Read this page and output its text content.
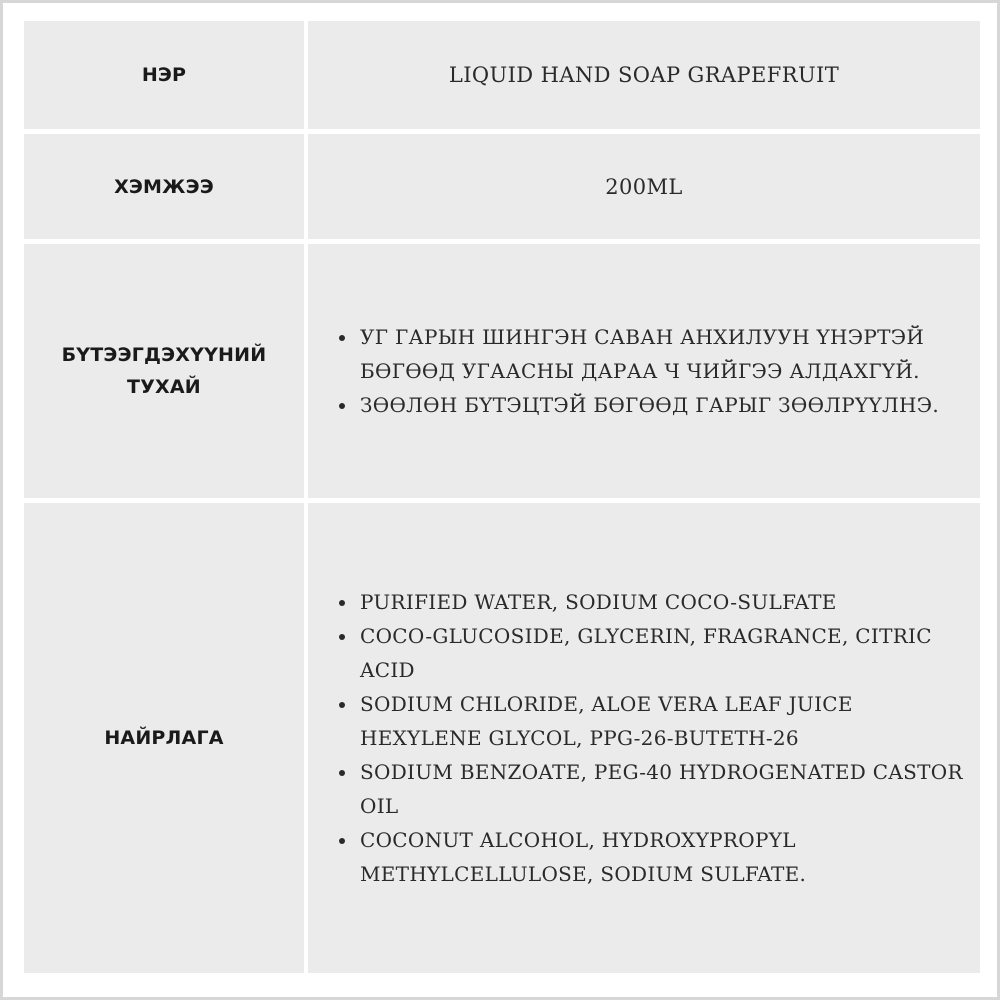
НЭР	LIQUID HAND SOAP GRAPEFRUIT
ХЭМЖЭЭ	200ML
БҮТЭЭГДЭХҮҮНИЙ
ТУХАЙ
• УГ ГАРЫН ШИНГЭН САВАН АНХИЛУУН ҮНЭРТЭЙ БӨГӨӨД УГААСНЫ ДАРАА Ч ЧИЙГЭЭ АЛДАХГҮЙ.
• ЗӨӨЛӨН БҮТЭЦТЭЙ БӨГӨӨД ГАРЫГ ЗӨӨЛРҮҮЛНЭ.
НАЙРЛАГА
• PURIFIED WATER, SODIUM COCO-SULFATE
• COCO-GLUCOSIDE, GLYCERIN, FRAGRANCE, CITRIC ACID
• SODIUM CHLORIDE, ALOE VERA LEAF JUICE HEXYLENE GLYCOL, PPG-26-BUTETH-26
• SODIUM BENZOATE, PEG-40 HYDROGENATED CASTOR OIL
• COCONUT ALCOHOL, HYDROXYPROPYL METHYLCELLULOSE, SODIUM SULFATE.
